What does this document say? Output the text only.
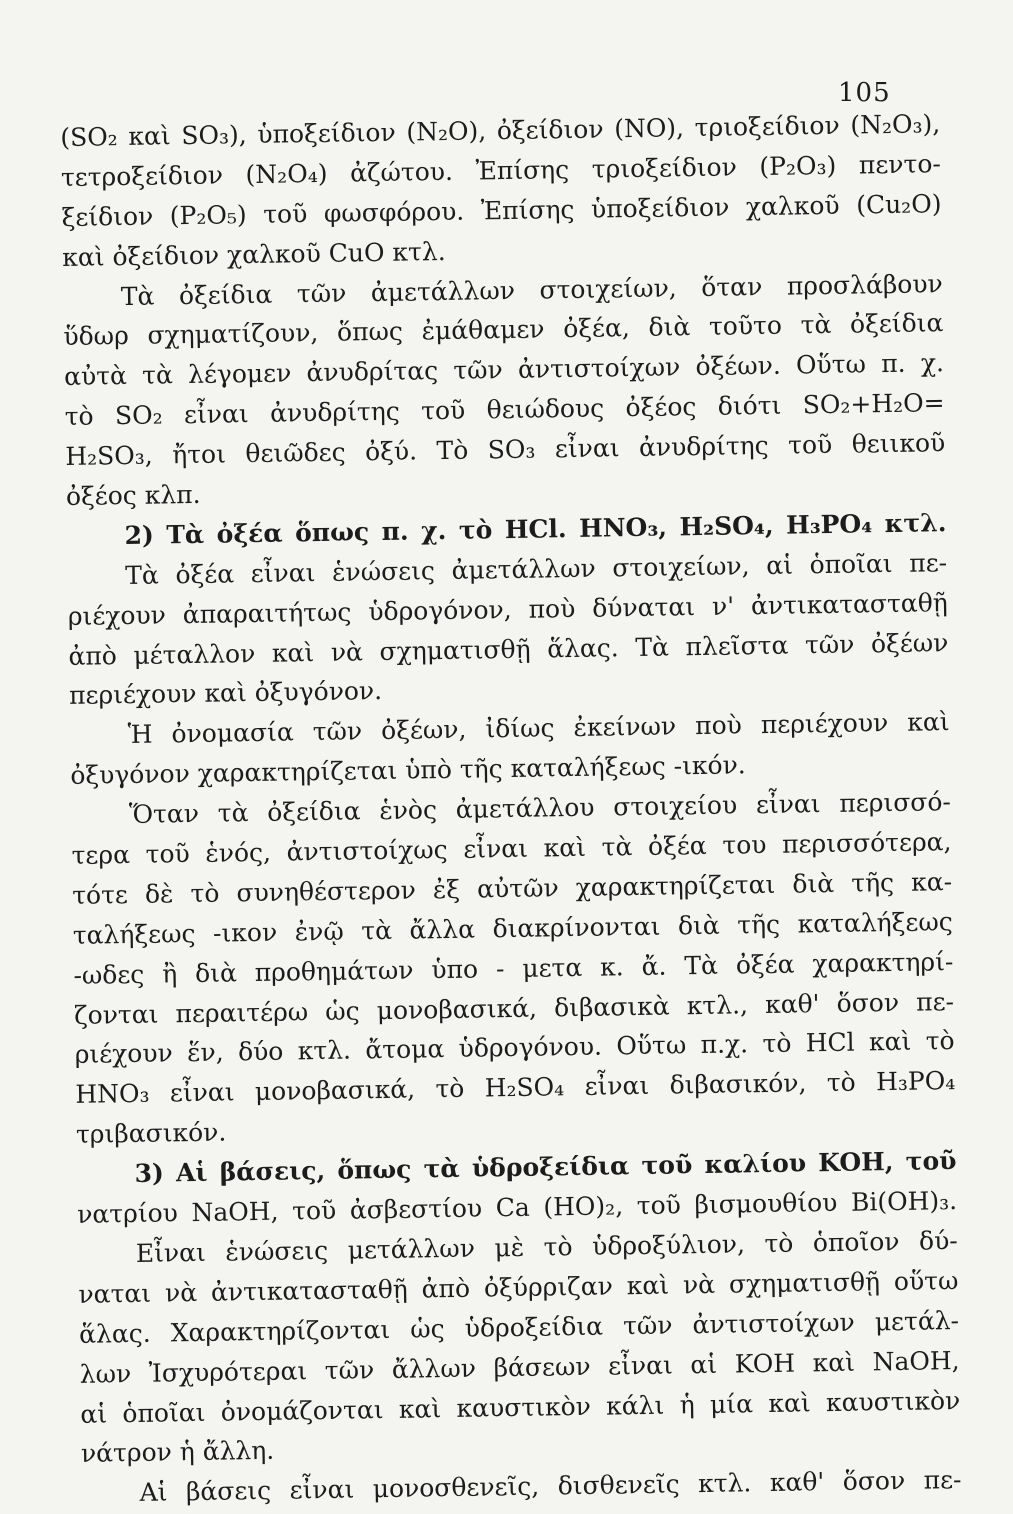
105
(SO₂ καὶ SO₃), ὑποξείδιον (N₂O), ὀξείδιον (NO), τριοξείδιον (N₂O₃),
τετροξείδιον (N₂O₄) ἀζώτου. Ἐπίσης τριοξείδιον (P₂O₃) πεντο-
ξείδιον (P₂O₅) τοῦ φωσφόρου. Ἐπίσης ὑποξείδιον χαλκοῦ (Cu₂O)
καὶ ὀξείδιον χαλκοῦ CuO κτλ.
Τὰ ὀξείδια τῶν ἀμετάλλων στοιχείων, ὅταν προσλάβουν
ὕδωρ σχηματίζουν, ὅπως ἐμάθαμεν ὀξέα, διὰ τοῦτο τὰ ὀξείδια
αὐτὰ τὰ λέγομεν ἀνυδρίτας τῶν ἀντιστοίχων ὀξέων. Οὕτω π. χ.
τὸ SO₂ εἶναι ἀνυδρίτης τοῦ θειώδους ὀξέος διότι SO₂+H₂O=
H₂SO₃, ἤτοι θειῶδες ὀξύ. Τὸ SO₃ εἶναι ἀνυδρίτης τοῦ θειικοῦ
ὀξέος κλπ.
2) Τὰ ὀξέα ὅπως π. χ. τὸ HCl. HNO₃, H₂SO₄, H₃PO₄ κτλ.
Τὰ ὀξέα εἶναι ἑνώσεις ἀμετάλλων στοιχείων, αἱ ὁποῖαι πε-
ριέχουν ἀπαραιτήτως ὑδρογόνον, ποὺ δύναται ν' ἀντικατασταθῇ
ἀπὸ μέταλλον καὶ νὰ σχηματισθῇ ἅλας. Τὰ πλεῖστα τῶν ὀξέων
περιέχουν καὶ ὀξυγόνον.
Ἡ ὀνομασία τῶν ὀξέων, ἰδίως ἐκείνων ποὺ περιέχουν καὶ
ὀξυγόνον χαρακτηρίζεται ὑπὸ τῆς καταλήξεως -ικόν.
Ὅταν τὰ ὀξείδια ἑνὸς ἀμετάλλου στοιχείου εἶναι περισσό-
τερα τοῦ ἑνός, ἀντιστοίχως εἶναι καὶ τὰ ὀξέα του περισσότερα,
τότε δὲ τὸ συνηθέστερον ἐξ αὐτῶν χαρακτηρίζεται διὰ τῆς κα-
ταλήξεως -ικον ἐνῷ τὰ ἄλλα διακρίνονται διὰ τῆς καταλήξεως
-ωδες ἢ διὰ προθημάτων ὑπο - μετα κ. ἄ. Τὰ ὀξέα χαρακτηρί-
ζονται περαιτέρω ὡς μονοβασικά, διβασικὰ κτλ., καθ' ὅσον πε-
ριέχουν ἕν, δύο κτλ. ἄτομα ὑδρογόνου. Οὕτω π.χ. τὸ HCl καὶ τὸ
HNO₃ εἶναι μονοβασικά, τὸ H₂SO₄ εἶναι διβασικόν, τὸ H₃PO₄
τριβασικόν.
3) Αἱ βάσεις, ὅπως τὰ ὑδροξείδια τοῦ καλίου KOH, τοῦ
νατρίου NaOH, τοῦ ἀσβεστίου Ca (HO)₂, τοῦ βισμουθίου Bi(OH)₃.
Εἶναι ἑνώσεις μετάλλων μὲ τὸ ὑδροξύλιον, τὸ ὁποῖον δύ-
ναται νὰ ἀντικατασταθῇ ἀπὸ ὀξύρριζαν καὶ νὰ σχηματισθῇ οὕτω
ἅλας. Χαρακτηρίζονται ὡς ὑδροξείδια τῶν ἀντιστοίχων μετάλ-
λων Ἰσχυρότεραι τῶν ἄλλων βάσεων εἶναι αἱ KOH καὶ NaOH,
αἱ ὁποῖαι ὀνομάζονται καὶ καυστικὸν κάλι ἡ μία καὶ καυστικὸν
νάτρον ἡ ἄλλη.
Αἱ βάσεις εἶναι μονοσθενεῖς, δισθενεῖς κτλ. καθ' ὅσον πε-
